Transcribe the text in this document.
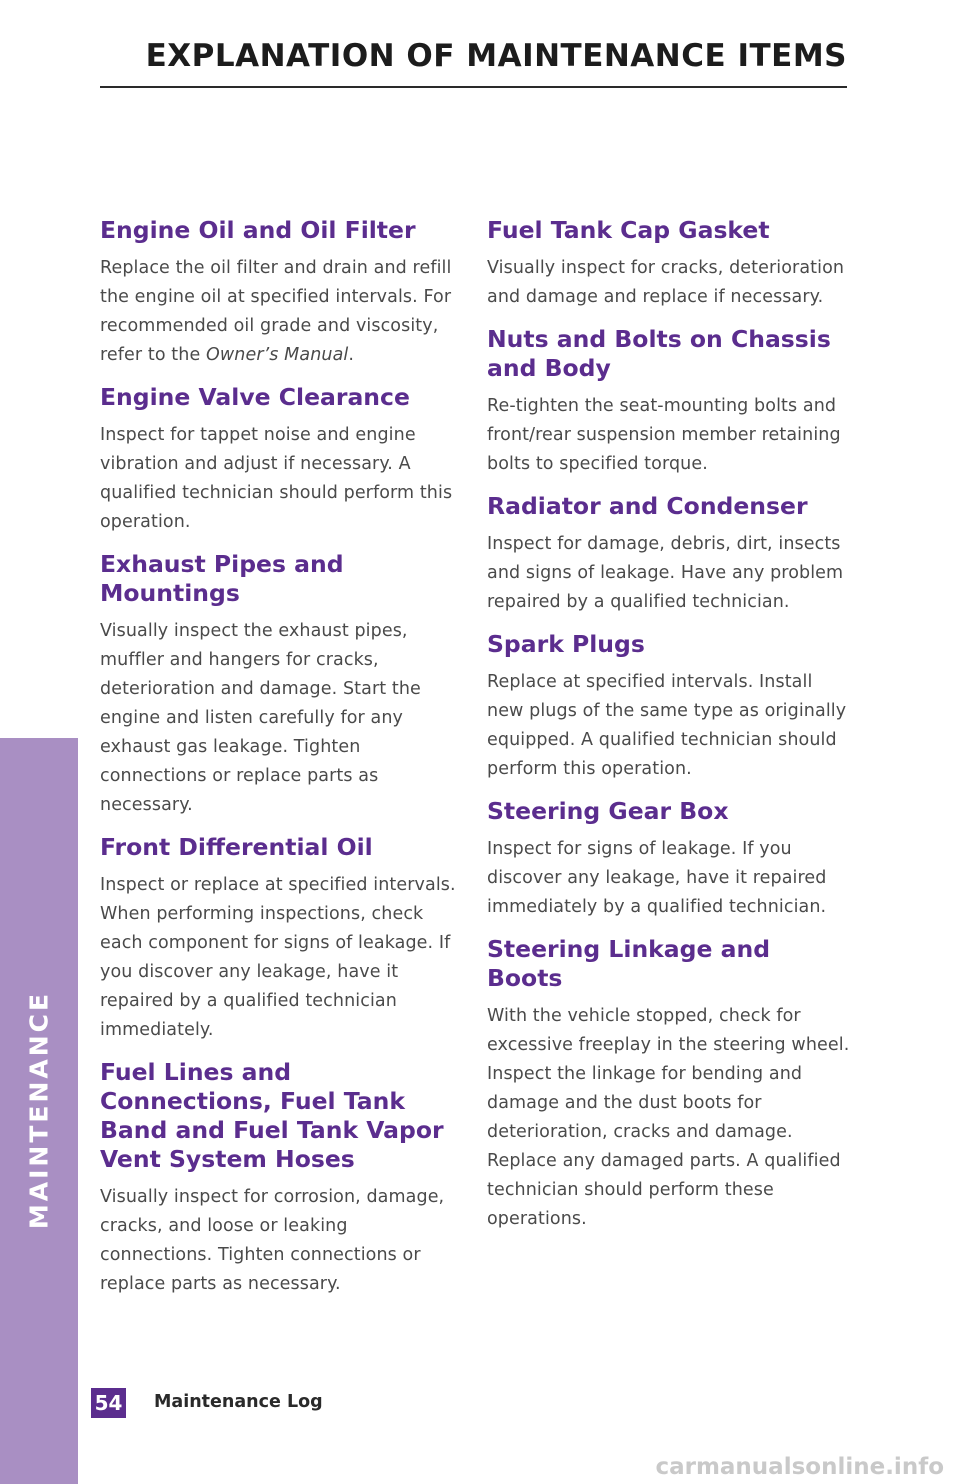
EXPLANATION OF MAINTENANCE ITEMS
MAINTENANCE
Engine Oil and Oil Filter

Replace the oil filter and drain and refill the engine oil at specified intervals. For recommended oil grade and viscosity, refer to the Owner’s Manual.

Engine Valve Clearance

Inspect for tappet noise and engine vibration and adjust if necessary. A qualified technician should perform this operation.

Exhaust Pipes and Mountings

Visually inspect the exhaust pipes, muffler and hangers for cracks, deterioration and damage. Start the engine and listen carefully for any exhaust gas leakage. Tighten connections or replace parts as necessary.

Front Differential Oil

Inspect or replace at specified intervals. When performing inspections, check each component for signs of leakage. If you discover any leakage, have it repaired by a qualified technician immediately.

Fuel Lines and Connections, Fuel Tank Band and Fuel Tank Vapor Vent System Hoses

Visually inspect for corrosion, damage, cracks, and loose or leaking connections. Tighten connections or replace parts as necessary.

Fuel Tank Cap Gasket

Visually inspect for cracks, deterioration and damage and replace if necessary.

Nuts and Bolts on Chassis and Body

Re-tighten the seat-mounting bolts and front/rear suspension member retaining bolts to specified torque.

Radiator and Condenser

Inspect for damage, debris, dirt, insects and signs of leakage. Have any problem repaired by a qualified technician.

Spark Plugs

Replace at specified intervals. Install new plugs of the same type as originally equipped. A qualified technician should perform this operation.

Steering Gear Box

Inspect for signs of leakage. If you discover any leakage, have it repaired immediately by a qualified technician.

Steering Linkage and Boots

With the vehicle stopped, check for excessive freeplay in the steering wheel. Inspect the linkage for bending and damage and the dust boots for deterioration, cracks and damage. Replace any damaged parts. A qualified technician should perform these operations.

54 Maintenance Log
carmanualsonline.info
